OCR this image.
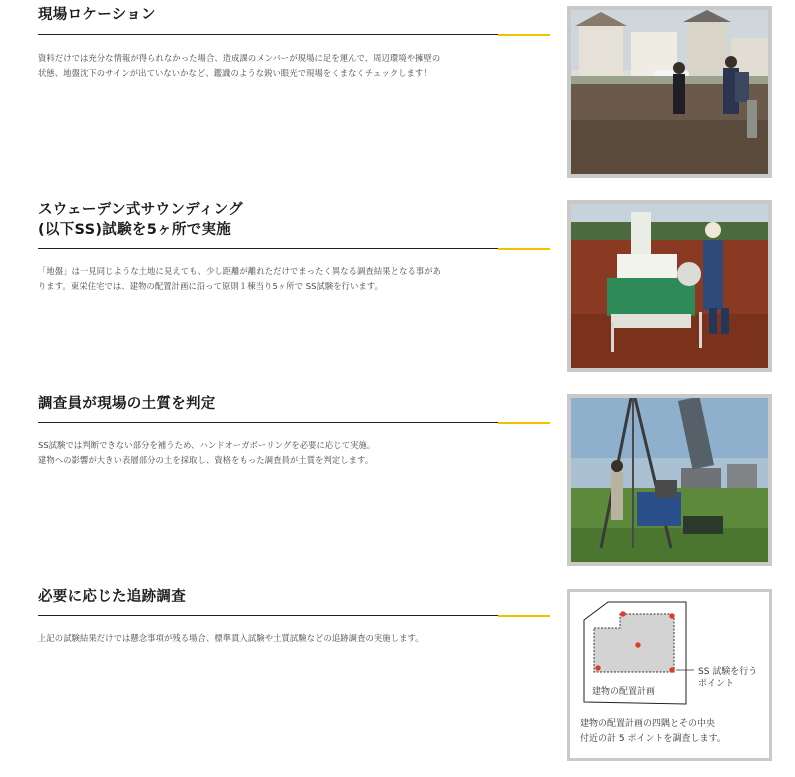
現場ロケーション
資料だけでは充分な情報が得られなかった場合、造成課のメンバーが現場に足を運んで、周辺環境や擁壁の
状態、地盤沈下のサインが出ていないかなど、鑑識のような鋭い眼光で現場をくまなくチェックします！
スウェーデン式サウンディング
(以下SS)試験を5ヶ所で実施
「地盤」は一見同じような土地に見えても、少し距離が離れただけでまったく異なる調査結果となる事があ
ります。東栄住宅では、建物の配置計画に沿って原則１棟当り5ヶ所で SS試験を行います。
調査員が現場の土質を判定
SS試験では判断できない部分を補うため、ハンドオーガボーリングを必要に応じて実施。
建物への影響が大きい表層部分の土を採取し、資格をもった調査員が土質を判定します。
必要に応じた追跡調査
上記の試験結果だけでは懸念事項が残る場合、標準貫入試験や土質試験などの追跡調査の実施します。
SS 試験を行う
ポイント
建物の配置計画
建物の配置計画の四隅とその中央
付近の計 5 ポイントを調査します。
